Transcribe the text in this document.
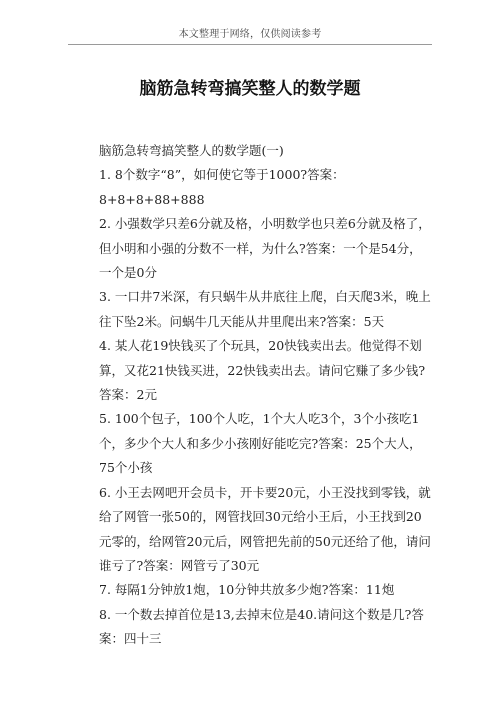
本文整理于网络，仅供阅读参考
脑筋急转弯搞笑整人的数学题

脑筋急转弯搞笑整人的数学题(一)

1. 8个数字“8”，如何使它等于1000?答案：8+8+8+88+888

2. 小强数学只差6分就及格，小明数学也只差6分就及格了，但小明和小强的分数不一样，为什么?答案：一个是54分，一个是0分

3. 一口井7米深，有只蜗牛从井底往上爬，白天爬3米，晚上往下坠2米。问蜗牛几天能从井里爬出来?答案：5天

4. 某人花19快钱买了个玩具，20快钱卖出去。他觉得不划算，又花21快钱买进，22快钱卖出去。请问它赚了多少钱?答案：2元

5. 100个包子，100个人吃，1个大人吃3个，3个小孩吃1个，多少个大人和多少小孩刚好能吃完?答案：25个大人，75个小孩

6. 小王去网吧开会员卡，开卡要20元，小王没找到零钱，就给了网管一张50的，网管找回30元给小王后，小王找到20元零的，给网管20元后，网管把先前的50元还给了他，请问谁亏了?答案：网管亏了30元

7. 每隔1分钟放1炮，10分钟共放多少炮?答案：11炮

8. 一个数去掉首位是13,去掉末位是40.请问这个数是几?答案：四十三
